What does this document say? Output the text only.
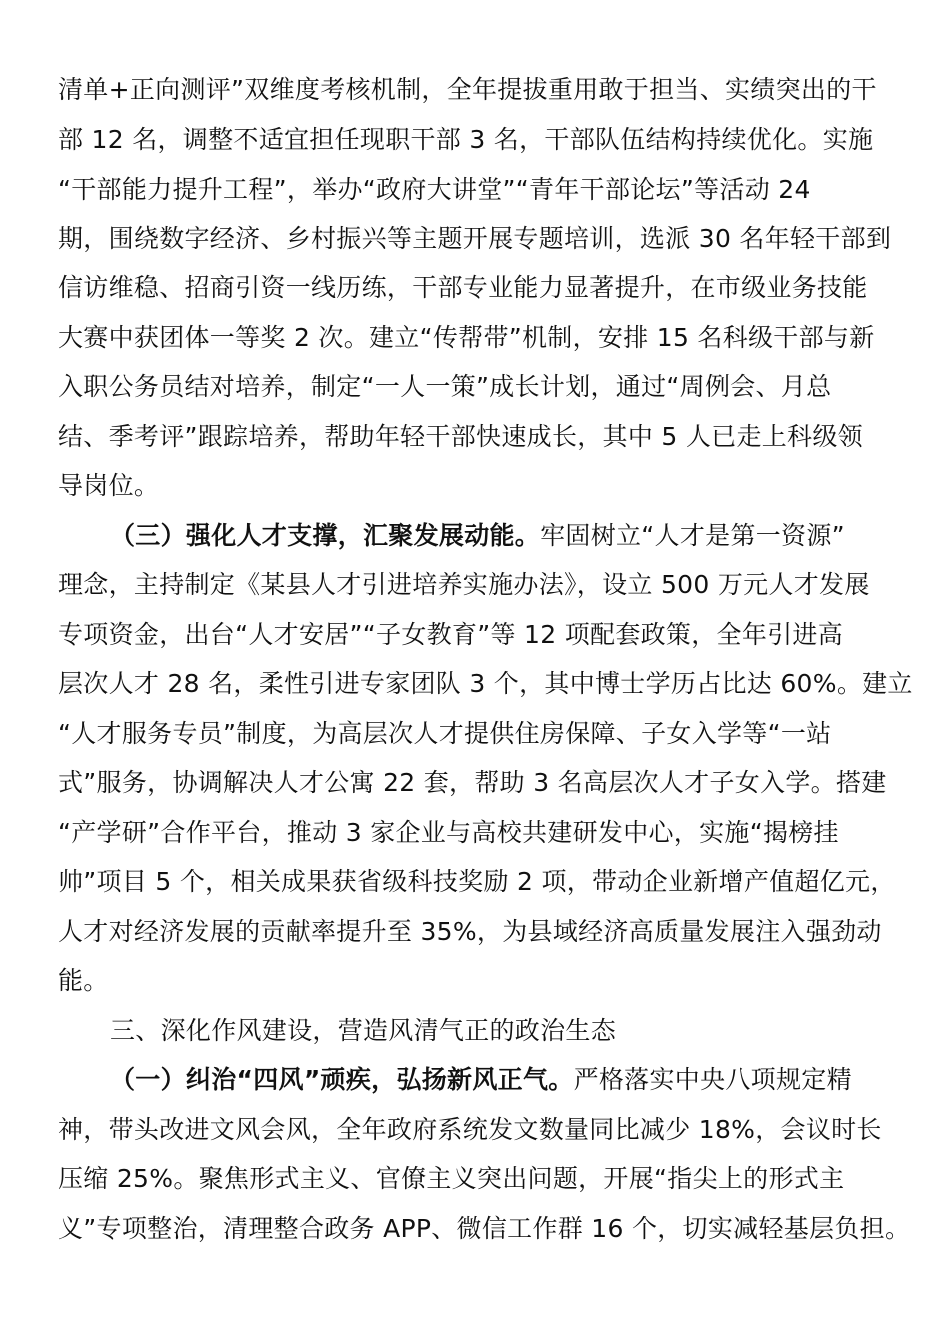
清单+正向测评”双维度考核机制，全年提拔重用敢于担当、实绩突出的干
部 12 名，调整不适宜担任现职干部 3 名，干部队伍结构持续优化。实施
“干部能力提升工程”，举办“政府大讲堂”“青年干部论坛”等活动 24
期，围绕数字经济、乡村振兴等主题开展专题培训，选派 30 名年轻干部到
信访维稳、招商引资一线历练，干部专业能力显著提升，在市级业务技能
大赛中获团体一等奖 2 次。建立“传帮带”机制，安排 15 名科级干部与新
入职公务员结对培养，制定“一人一策”成长计划，通过“周例会、月总
结、季考评”跟踪培养，帮助年轻干部快速成长，其中 5 人已走上科级领
导岗位。
（三）强化人才支撑，汇聚发展动能。牢固树立“人才是第一资源”
理念，主持制定《某县人才引进培养实施办法》，设立 500 万元人才发展
专项资金，出台“人才安居”“子女教育”等 12 项配套政策，全年引进高
层次人才 28 名，柔性引进专家团队 3 个，其中博士学历占比达 60%。建立
“人才服务专员”制度，为高层次人才提供住房保障、子女入学等“一站
式”服务，协调解决人才公寓 22 套，帮助 3 名高层次人才子女入学。搭建
“产学研”合作平台，推动 3 家企业与高校共建研发中心，实施“揭榜挂
帅”项目 5 个，相关成果获省级科技奖励 2 项，带动企业新增产值超亿元，
人才对经济发展的贡献率提升至 35%，为县域经济高质量发展注入强劲动
能。
三、深化作风建设，营造风清气正的政治生态
（一）纠治“四风”顽疾，弘扬新风正气。严格落实中央八项规定精
神，带头改进文风会风，全年政府系统发文数量同比减少 18%，会议时长
压缩 25%。聚焦形式主义、官僚主义突出问题，开展“指尖上的形式主
义”专项整治，清理整合政务 APP、微信工作群 16 个，切实减轻基层负担。
